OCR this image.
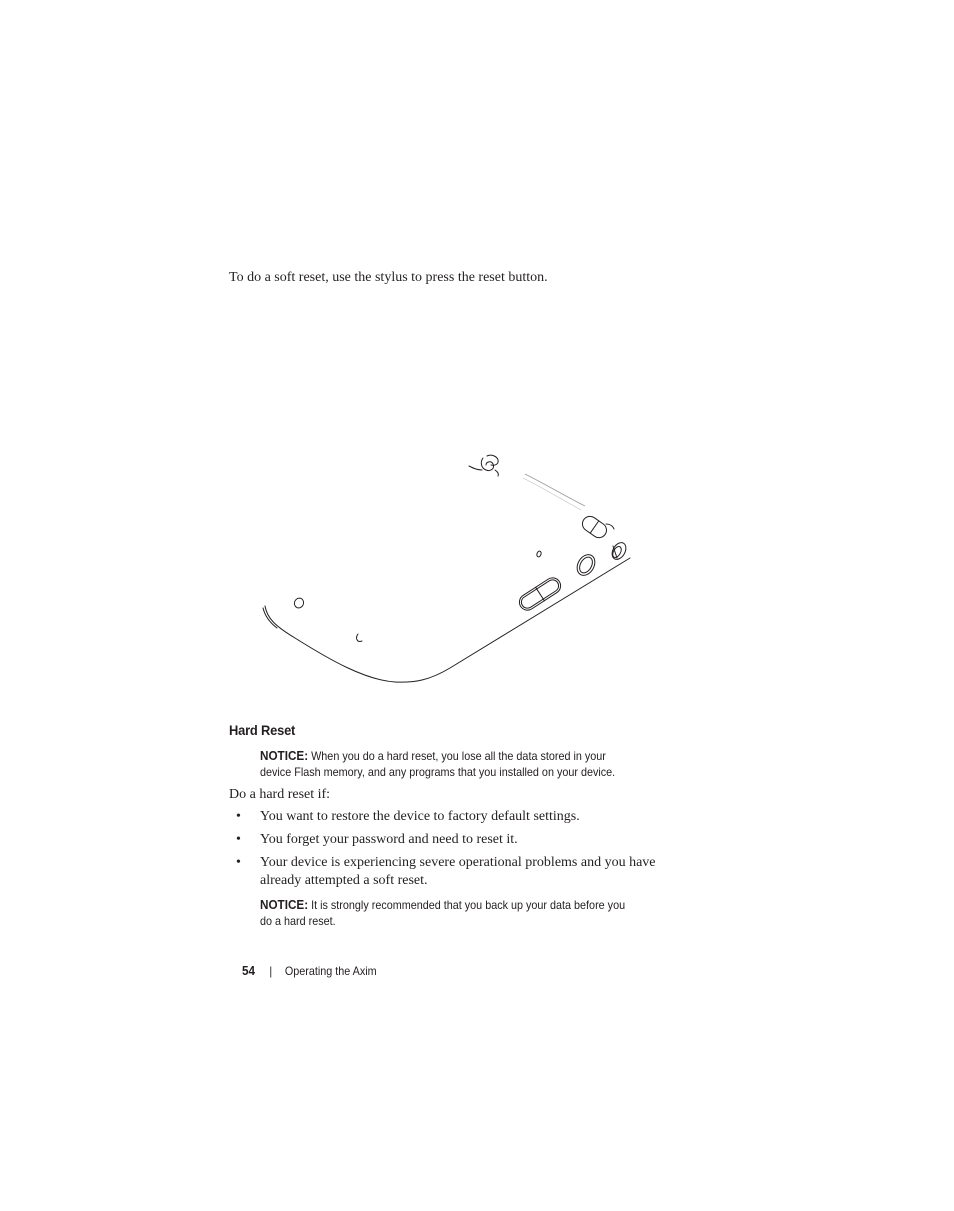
To do a soft reset, use the stylus to press the reset button.

Hard Reset
NOTICE: When you do a hard reset, you lose all the data stored in your device Flash memory, and any programs that you installed on your device.

Do a hard reset if:

• You want to restore the device to factory default settings.
• You forget your password and need to reset it.
• Your device is experiencing severe operational problems and you have already attempted a soft reset.
NOTICE: It is strongly recommended that you back up your data before you do a hard reset.
54 | Operating the Axim
